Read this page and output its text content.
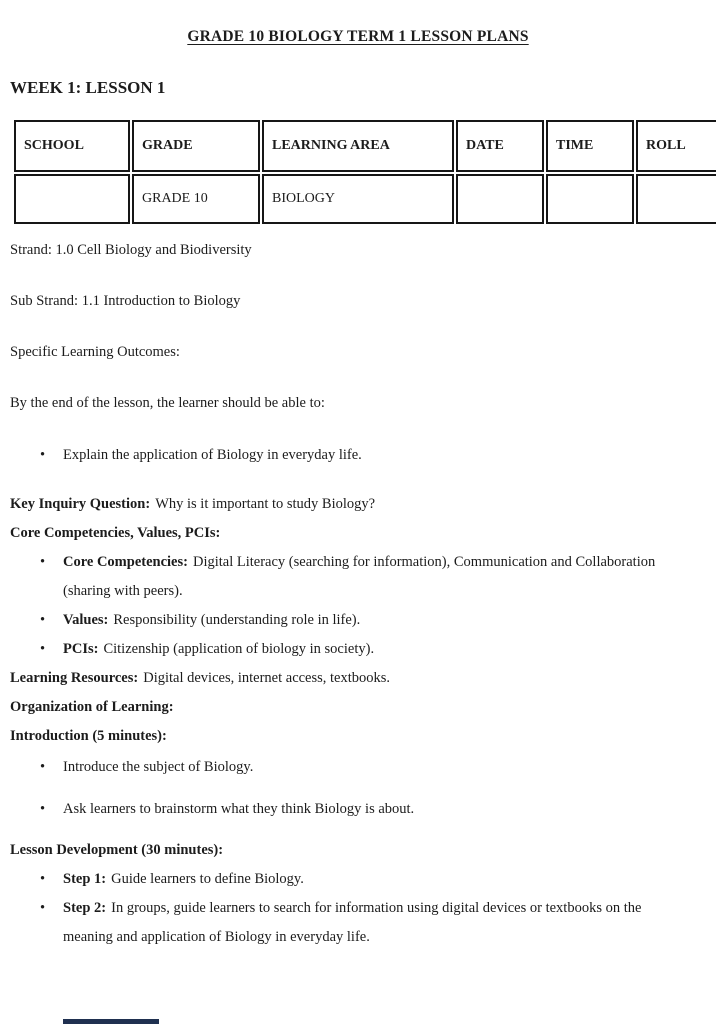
GRADE 10 BIOLOGY TERM 1 LESSON PLANS
WEEK 1: LESSON 1
SCHOOL	GRADE	LEARNING AREA	DATE	TIME	ROLL
	GRADE 10	BIOLOGY			

Strand: 1.0 Cell Biology and Biodiversity

Sub Strand: 1.1 Introduction to Biology

Specific Learning Outcomes:

By the end of the lesson, the learner should be able to:

•
Explain the application of Biology in everyday life.

Key Inquiry Question: Why is it important to study Biology?

Core Competencies, Values, PCIs:

•
Core Competencies: Digital Literacy (searching for information), Communication and Collaboration (sharing with peers).
•
Values: Responsibility (understanding role in life).
•
PCIs: Citizenship (application of biology in society).

Learning Resources: Digital devices, internet access, textbooks.

Organization of Learning:

Introduction (5 minutes):

•
Introduce the subject of Biology.
•
Ask learners to brainstorm what they think Biology is about.

Lesson Development (30 minutes):

•
Step 1: Guide learners to define Biology.
•
Step 2: In groups, guide learners to search for information using digital devices or textbooks on the meaning and application of Biology in everyday life.
